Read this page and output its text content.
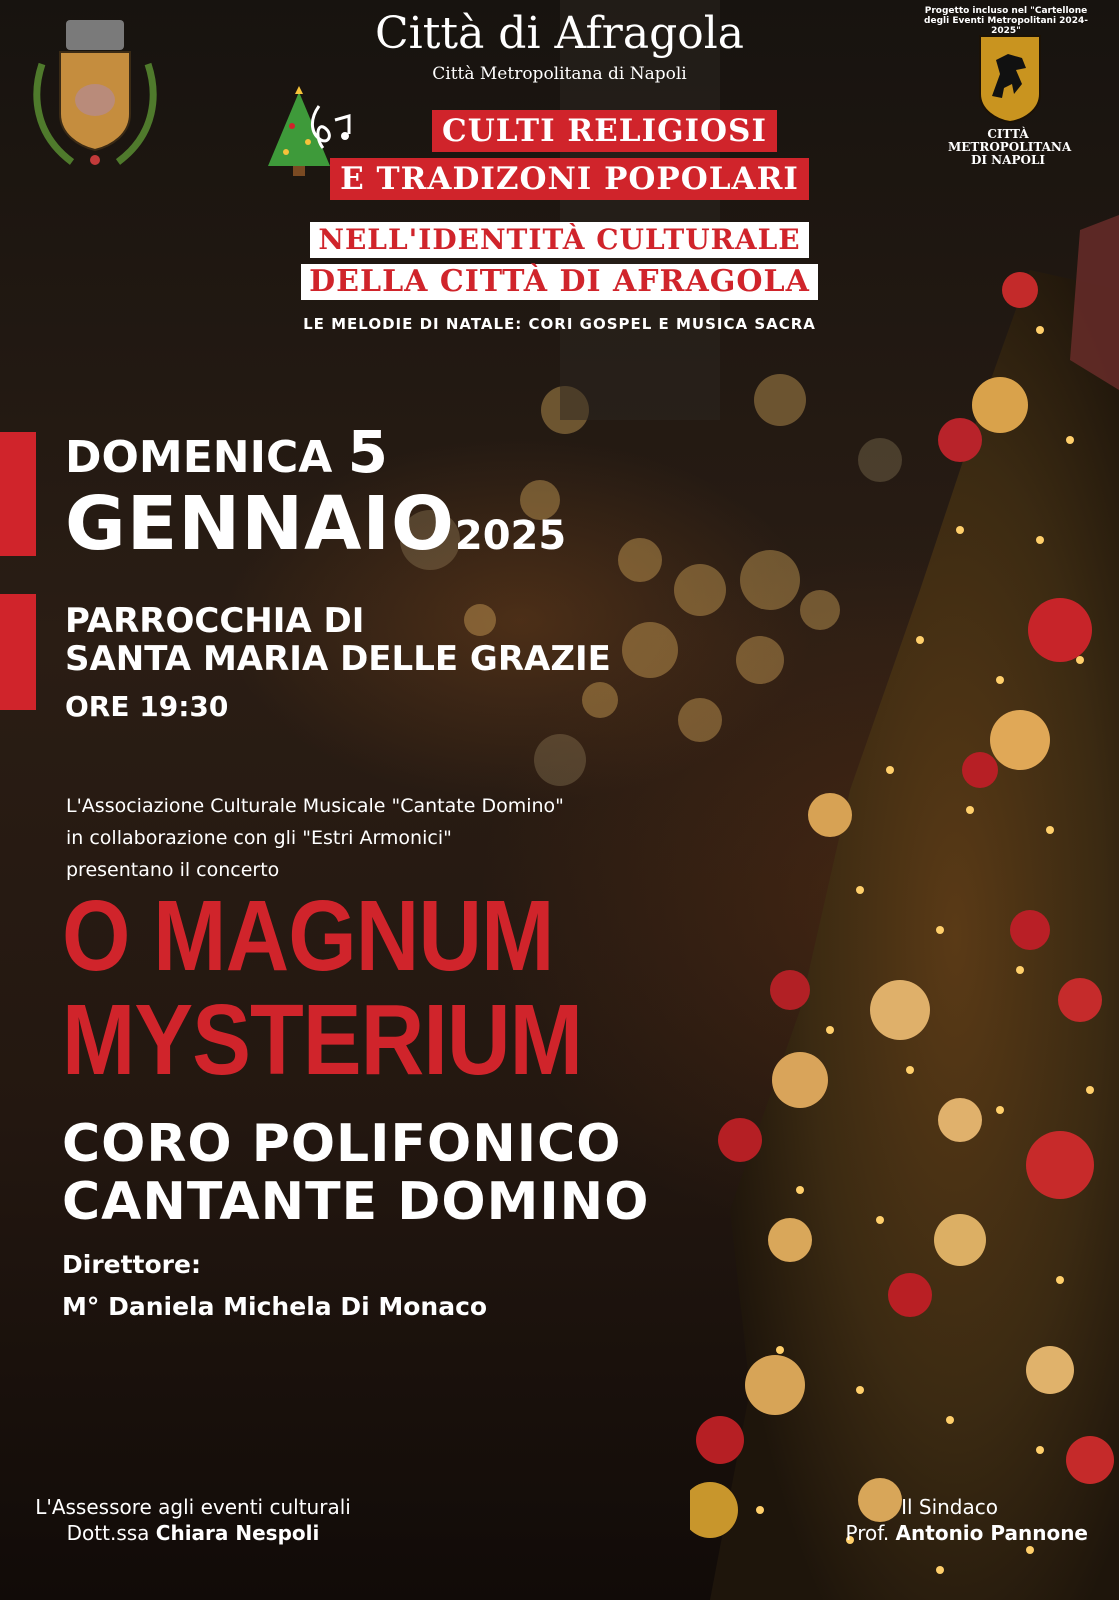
Progetto incluso nel "Cartellone degli Eventi Metropolitani 2024-2025"
CITTÀ
METROPOLITANA
DI NAPOLI
Città di Afragola
Città Metropolitana di Napoli
CULTI RELIGIOSI
E TRADIZONI POPOLARI
NELL'IDENTITÀ CULTURALE
DELLA CITTÀ DI AFRAGOLA
LE MELODIE DI NATALE: CORI GOSPEL E MUSICA SACRA
DOMENICA 5
GENNAIO2025
PARROCCHIA DI
SANTA MARIA DELLE GRAZIE
ORE 19:30
L'Associazione Culturale Musicale "Cantate Domino"
in collaborazione con gli "Estri Armonici"
presentano il concerto
O MAGNUM
MYSTERIUM
CORO POLIFONICO
CANTANTE DOMINO
Direttore:
M° Daniela Michela Di Monaco
L'Assessore agli eventi culturali
Dott.ssa Chiara Nespoli
Il Sindaco
Prof. Antonio Pannone
